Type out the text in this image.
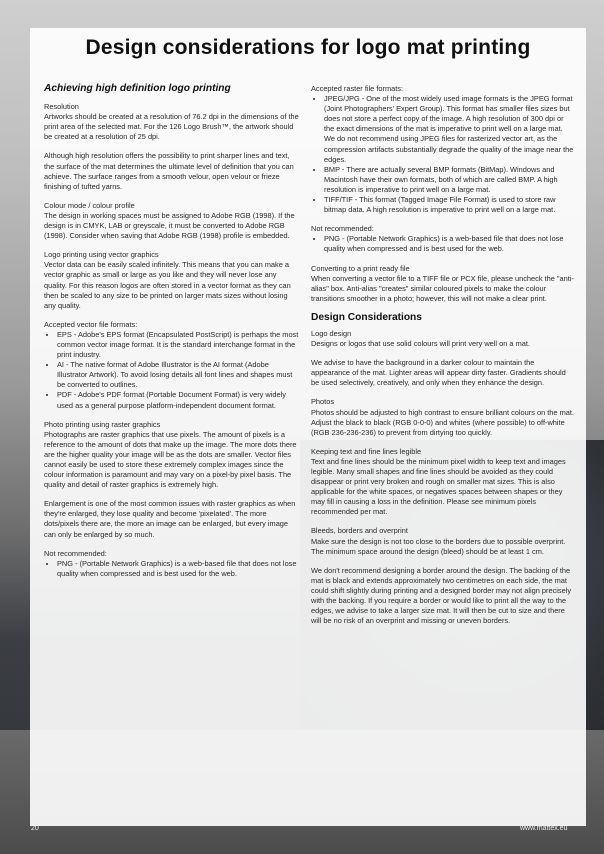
Design considerations for logo mat printing
Achieving high definition logo printing
Resolution

Artworks should be created at a resolution of 76.2 dpi in the dimensions of the print area of the selected mat. For the 126 Logo Brush™, the artwork should be created at a resolution of 25 dpi.

Although high resolution offers the possibility to print sharper lines and text, the surface of the mat determines the ultimate level of definition that you can achieve. The surface ranges from a smooth velour, open velour or frieze finishing of tufted yarns.

Colour mode / colour profile

The design in working spaces must be assigned to Adobe RGB (1998). If the design is in CMYK, LAB or greyscale, it must be converted to Adobe RGB (1998). Consider when saving that Adobe RGB (1998) profile is embedded.

Logo printing using vector graphics

Vector data can be easily scaled infinitely. This means that you can make a vector graphic as small or large as you like and they will never lose any quality. For this reason logos are often stored in a vector format as they can then be scaled to any size to be printed on larger mats sizes without losing any quality.

Accepted vector file formats:
• EPS - Adobe's EPS format (Encapsulated PostScript) is perhaps the most common vector image format. It is the standard interchange format in the print industry.
• AI - The native format of Adobe Illustrator is the AI format (Adobe Illustrator Artwork). To avoid losing details all font lines and shapes must be converted to outlines.
• PDF - Adobe's PDF format (Portable Document Format) is very widely used as a general purpose platform-independent document format.
Photo printing using raster graphics

Photographs are raster graphics that use pixels. The amount of pixels is a reference to the amount of dots that make up the image. The more dots there are the higher quality your image will be as the dots are smaller. Vector files cannot easily be used to store these extremely complex images since the colour information is paramount and may vary on a pixel-by pixel basis. The quality and detail of raster graphics is extremely high.

Enlargement is one of the most common issues with raster graphics as when they're enlarged, they lose quality and become 'pixelated'. The more dots/pixels there are, the more an image can be enlarged, but every image can only be enlarged by so much.

Not recommended:
• PNG - (Portable Network Graphics) is a web-based file that does not lose quality when compressed and is best used for the web.
Accepted raster file formats:
• JPEG/JPG - One of the most widely used image formats is the JPEG format (Joint Photographers' Expert Group). This format has smaller files sizes but does not store a perfect copy of the image. A high resolution of 300 dpi or the exact dimensions of the mat is imperative to print well on a large mat. We do not recommend using JPEG files for rasterized vector art, as the compression artifacts substantially degrade the quality of the image near the edges.
• BMP - There are actually several BMP formats (BitMap). Windows and Macintosh have their own formats, both of which are called BMP. A high resolution is imperative to print well on a large mat.
• TIFF/TIF - This format (Tagged Image File Format) is used to store raw bitmap data. A high resolution is imperative to print well on a large mat.
Not recommended:
• PNG - (Portable Network Graphics) is a web-based file that does not lose quality when compressed and is best used for the web.
Converting to a print ready file

When converting a vector file to a TIFF file or PCX file, please uncheck the "anti-alias" box. Anti-alias "creates" similar coloured pixels to make the colour transitions smoother in a photo; however, this will not make a clear print.

Design Considerations
Logo design

Designs or logos that use solid colours will print very well on a mat.

We advise to have the background in a darker colour to maintain the appearance of the mat. Lighter areas will appear dirty faster. Gradients should be used selectively, creatively, and only when they enhance the design.

Photos

Photos should be adjusted to high contrast to ensure brilliant colours on the mat. Adjust the black to black (RGB 0-0-0) and whites (where possible) to off-white (RGB 236-236-236) to prevent from dirtying too quickly.

Keeping text and fine lines legible

Text and fine lines should be the minimum pixel width to keep text and images legible. Many small shapes and fine lines should be avoided as they could disappear or print very broken and rough on smaller mat sizes. This is also applicable for the white spaces, or negatives spaces between shapes or they may fill in causing a loss in the definition. Please see minimum pixels recommended per mat.

Bleeds, borders and overprint

Make sure the design is not too close to the borders due to possible overprint. The minimum space around the design (bleed) should be at least 1 cm.

We don't recommend designing a border around the design. The backing of the mat is black and extends approximately two centimetres on each side, the mat could shift slightly during printing and a designed border may not align precisely with the backing. If you require a border or would like to print all the way to the edges, we advise to take a larger size mat. It will then be cut to size and there will be no risk of an overprint and missing or uneven borders.

20	www.mattex.eu
